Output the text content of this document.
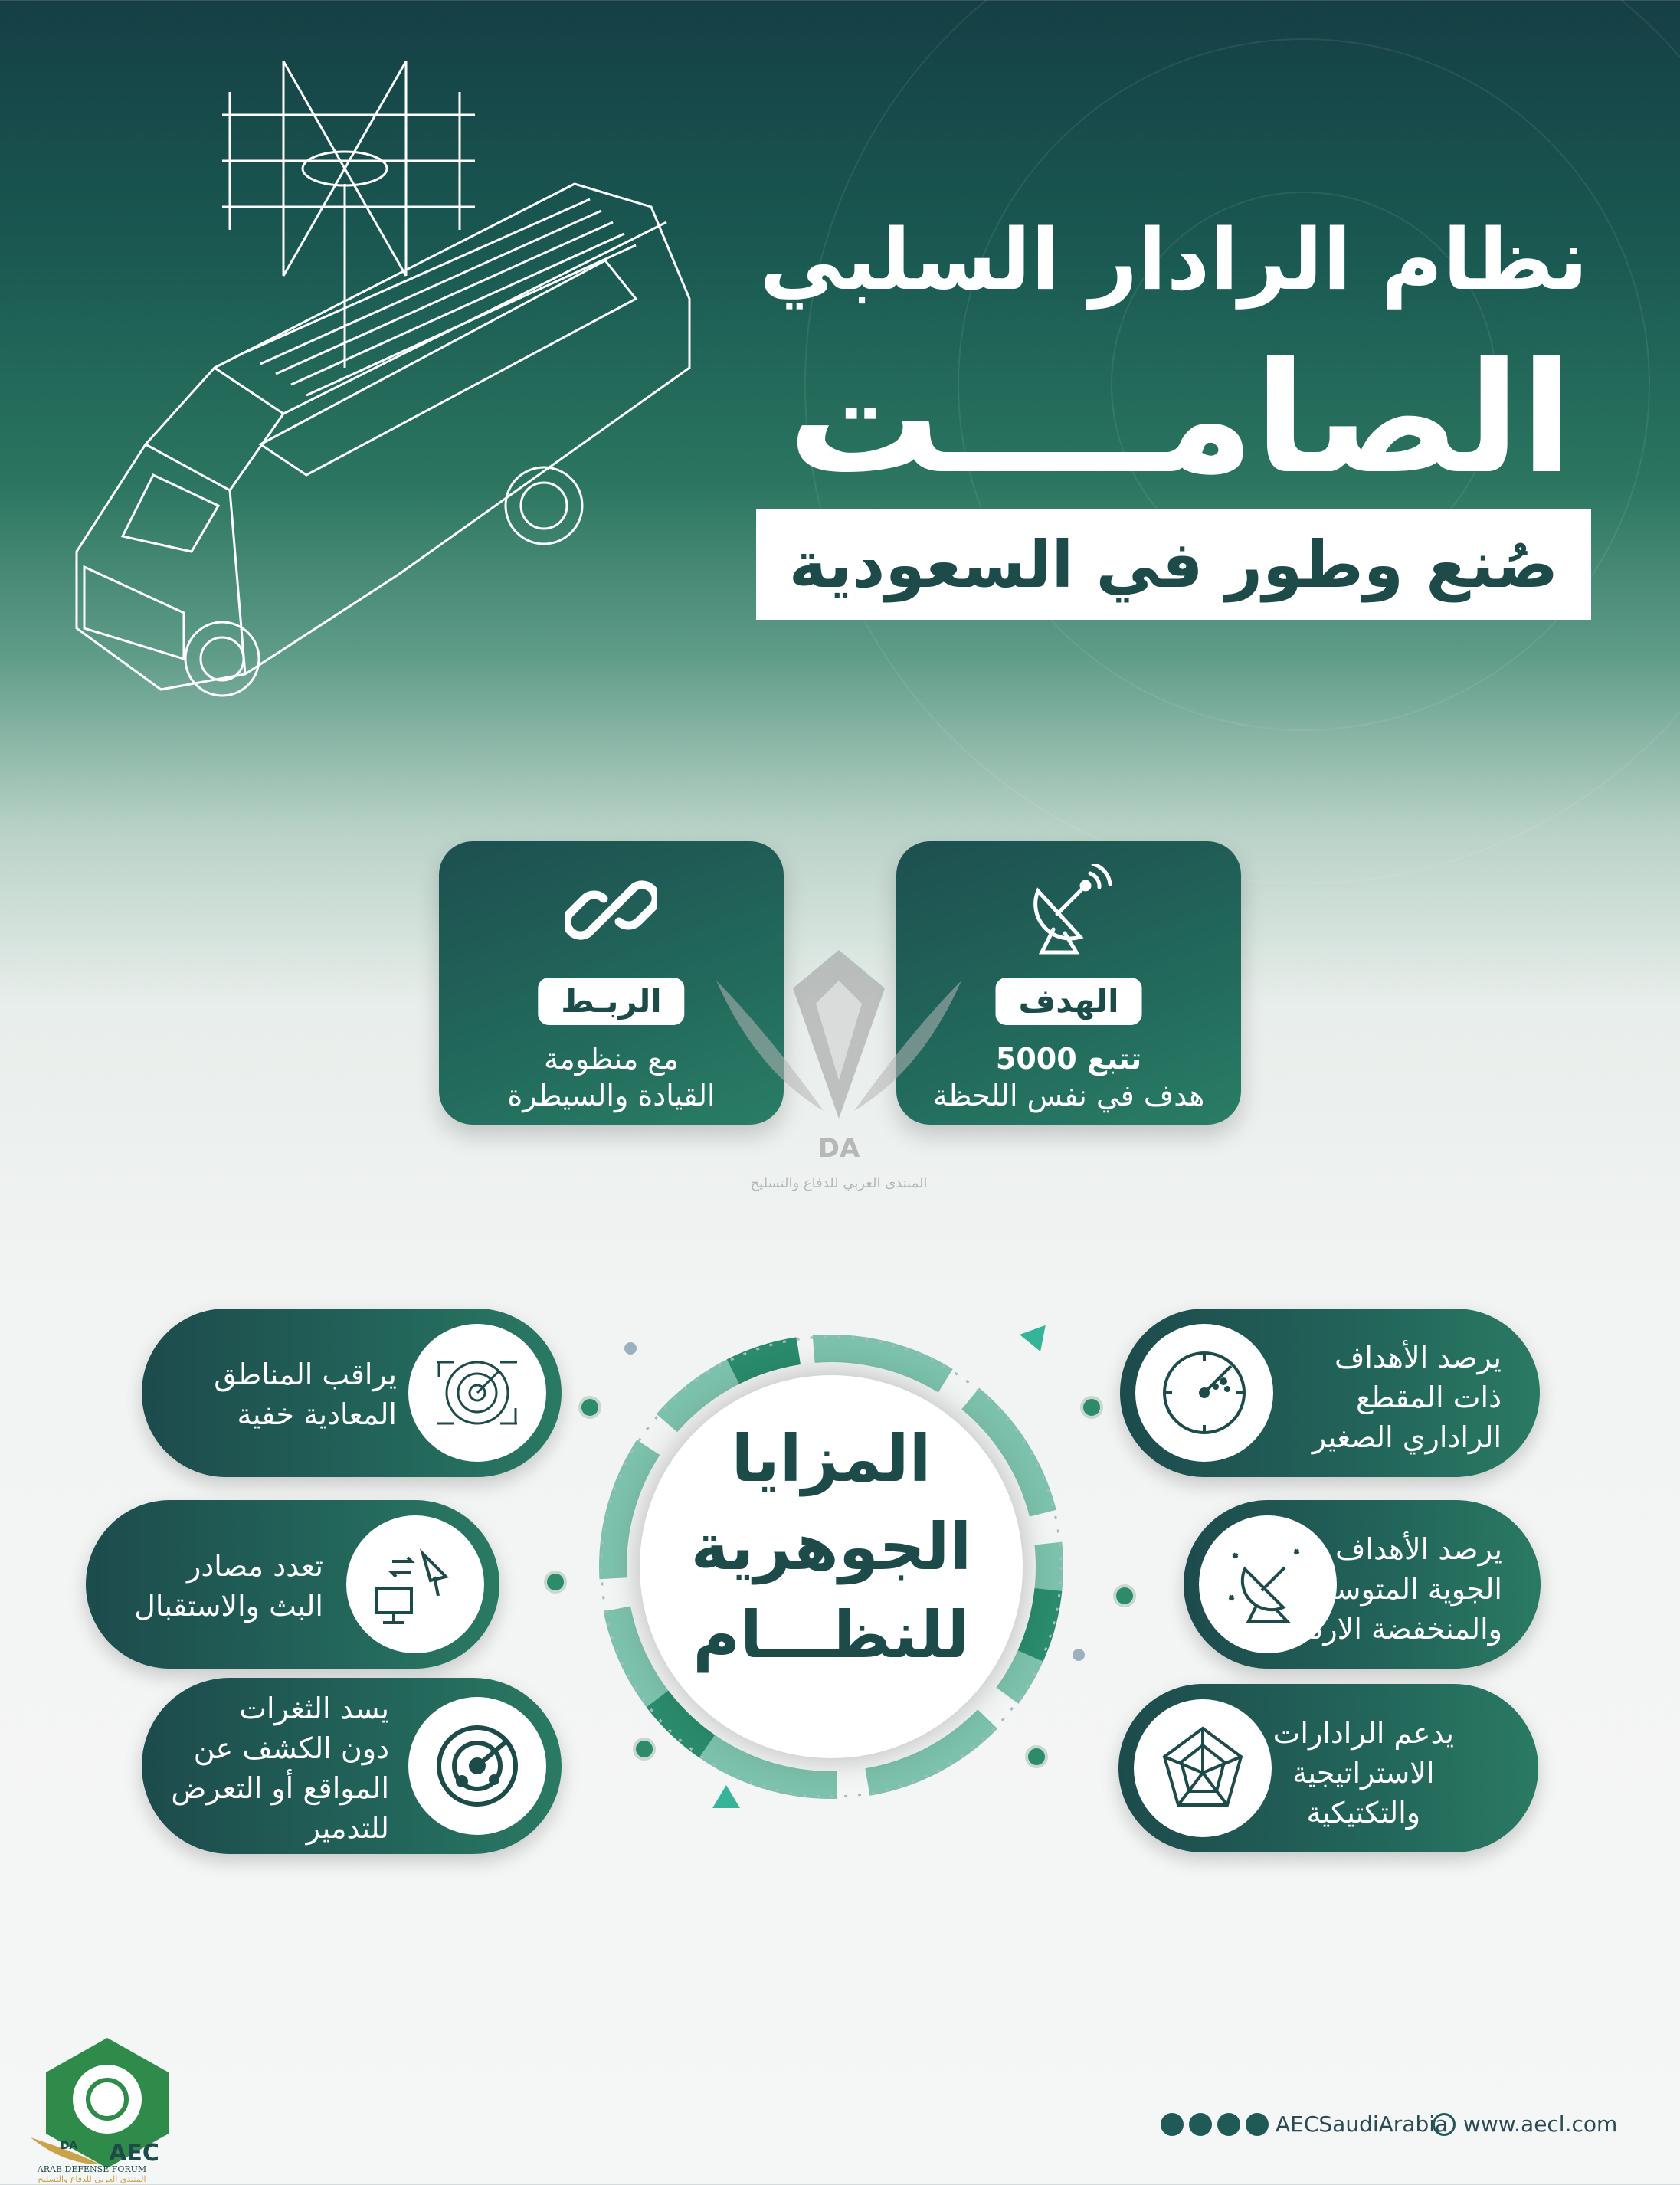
نظام الرادار السلبي
الصامــــت
صُنع وطور في السعودية
الهدف
تتبع 5000
هدف في نفس اللحظة
الربـط
مع منظومة
القيادة والسيطرة
DA
المنتدى العربي للدفاع والتسليح
المزايا
الجوهرية
للنظـــام
يرصد الأهداف
ذات المقطع
الراداري الصغير
يرصد الأهداف
الجوية المتوسطة
والمنخفضة الارتفاع
يدعم الرادارات
الاستراتيجية
والتكتيكية
يراقب المناطق
المعادية خفية
تعدد مصادر
البث والاستقبال
يسد الثغرات
دون الكشف عن
المواقع أو التعرض
للتدمير
AEC
DA
ARAB DEFENSE FORUM
المنتدى العربي للدفاع والتسليح
AECSaudiArabia www.aecl.com
